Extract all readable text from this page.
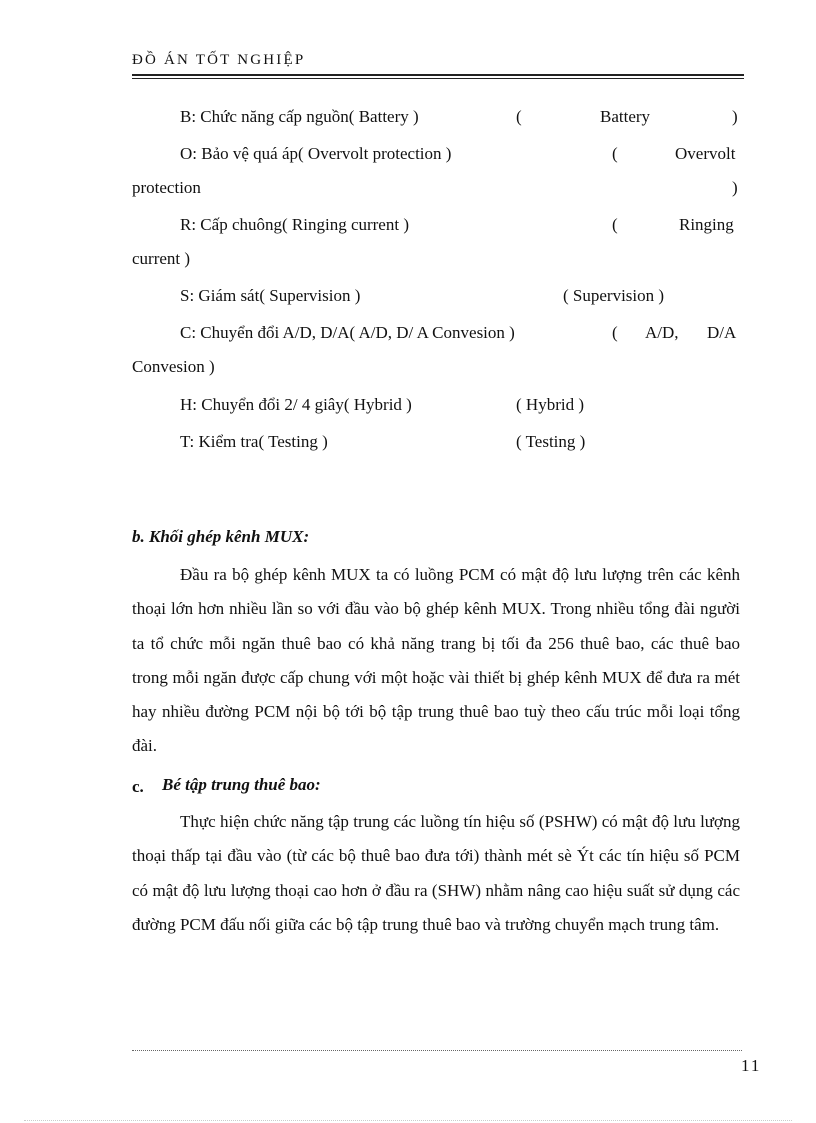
ĐỒ ÁN TỐT NGHIỆP
B: Chức năng cấp nguồn( Battery )	(	Battery	)
O: Bảo vệ quá áp( Overvolt protection )	(	Overvolt
protection	)
R: Cấp chuông( Ringing current )	(	Ringing
current )
S: Giám sát( Supervision )	( Supervision )
C: Chuyển đổi A/D, D/A( A/D, D/ A Convesion )	( A/D, D/A
Convesion )
H: Chuyển đổi 2/ 4 giây( Hybrid )	( Hybrid )
T: Kiểm tra( Testing )	( Testing )
b. Khối ghép kênh MUX:

Đầu ra bộ ghép kênh MUX ta có luồng PCM có mật độ lưu lượng trên các kênh thoại lớn hơn nhiều lần so với đầu vào bộ ghép kênh MUX. Trong nhiều tổng đài người ta tổ chức mỗi ngăn thuê bao có khả năng trang bị tối đa 256 thuê bao, các thuê bao trong mỗi ngăn được cấp chung với một hoặc vài thiết bị ghép kênh MUX để đưa ra mét hay nhiều đường PCM nội bộ tới bộ tập trung thuê bao tuỳ theo cấu trúc mỗi loại tổng đài.

c. Bé tập trung thuê bao:

Thực hiện chức năng tập trung các luồng tín hiệu số (PSHW) có mật độ lưu lượng thoại thấp tại đầu vào (từ các bộ thuê bao đưa tới) thành mét sè Ýt các tín hiệu số PCM có mật độ lưu lượng thoại cao hơn ở đầu ra (SHW) nhằm nâng cao hiệu suất sử dụng các đường PCM đấu nối giữa các bộ tập trung thuê bao và trường chuyển mạch trung tâm.

11
